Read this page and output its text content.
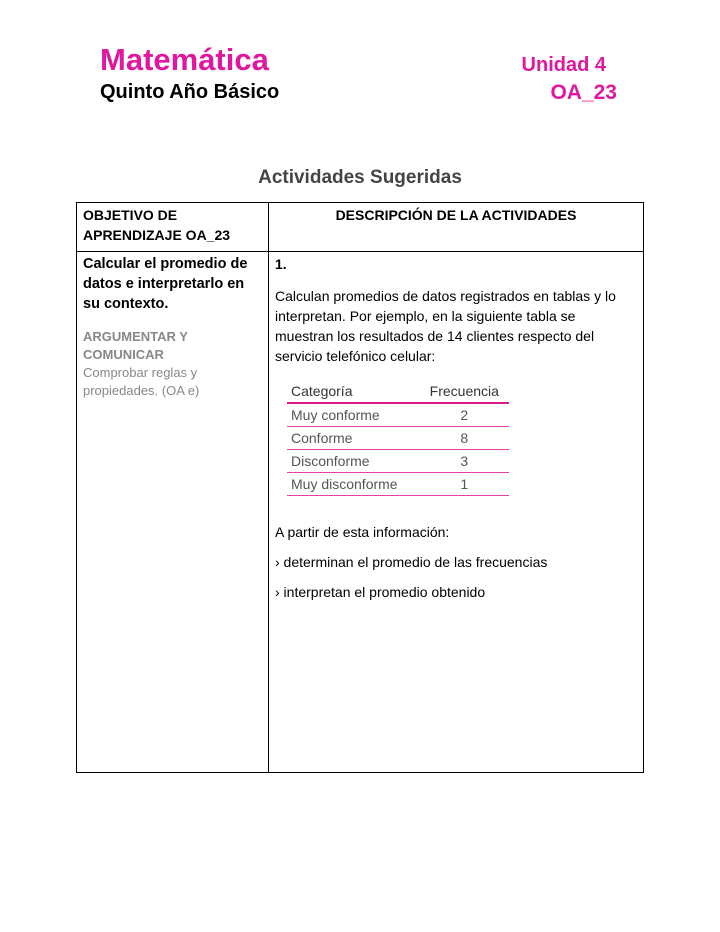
Matemática
Quinto Año Básico
Unidad 4
OA_23
Actividades Sugeridas
OBJETIVO DE APRENDIZAJE OA_23	DESCRIPCIÓN DE LA ACTIVIDADES

Calcular el promedio de datos e interpretarlo en su contexto.

ARGUMENTAR Y COMUNICAR

Comprobar reglas y propiedades. (OA e)

1.

Calculan promedios de datos registrados en tablas y lo interpretan. Por ejemplo, en la siguiente tabla se muestran los resultados de 14 clientes respecto del servicio telefónico celular:

Categoría	Frecuencia
Muy conforme	2
Conforme	8
Disconforme	3
Muy disconforme	1

A partir de esta información:

› determinan el promedio de las frecuencias

› interpretan el promedio obtenido
